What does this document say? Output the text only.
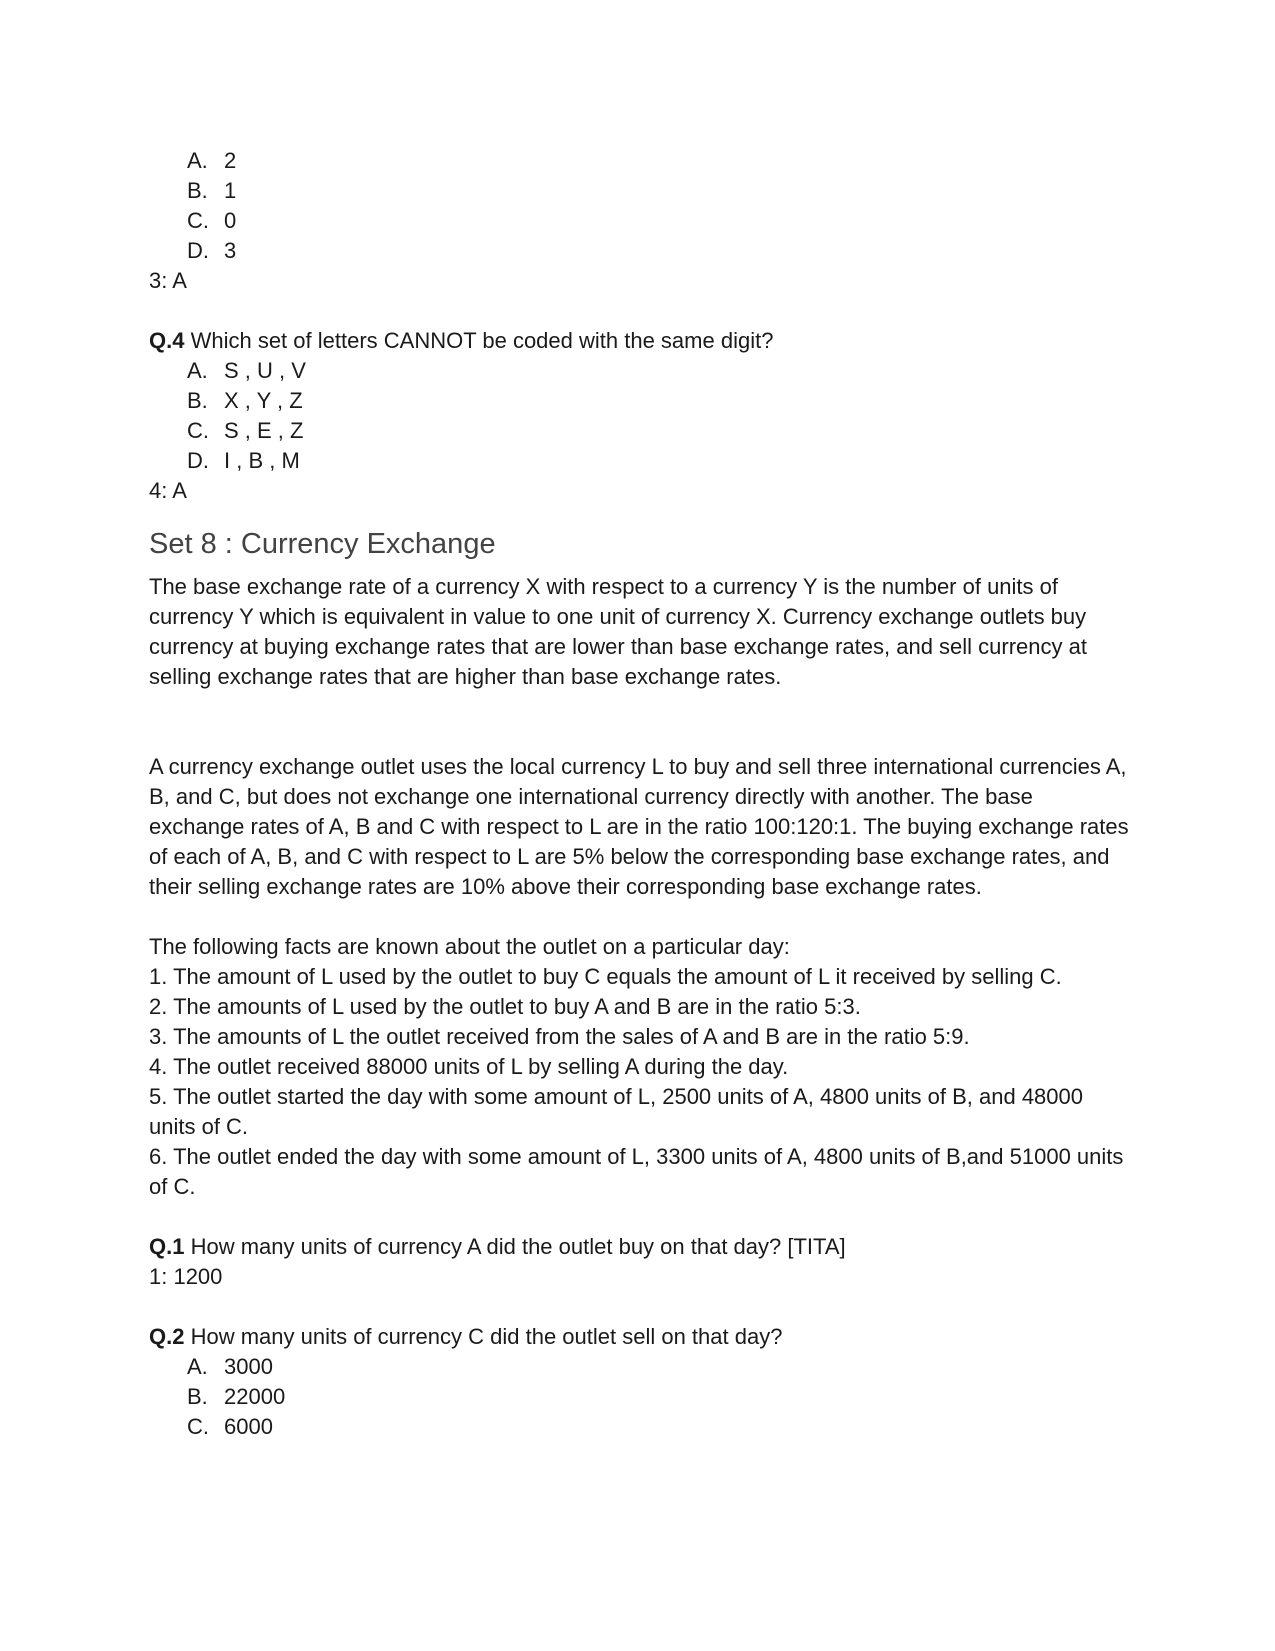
A. 2
B. 1
C. 0
D. 3
3: A
Q.4 Which set of letters CANNOT be coded with the same digit?
A. S , U , V
B. X , Y , Z
C. S , E , Z
D. I , B , M
4: A
Set 8 : Currency Exchange

The base exchange rate of a currency X with respect to a currency Y is the number of units of currency Y which is equivalent in value to one unit of currency X. Currency exchange outlets buy currency at buying exchange rates that are lower than base exchange rates, and sell currency at selling exchange rates that are higher than base exchange rates.

A currency exchange outlet uses the local currency L to buy and sell three international currencies A, B, and C, but does not exchange one international currency directly with another. The base exchange rates of A, B and C with respect to L are in the ratio 100:120:1. The buying exchange rates of each of A, B, and C with respect to L are 5% below the corresponding base exchange rates, and their selling exchange rates are 10% above their corresponding base exchange rates.

The following facts are known about the outlet on a particular day:

1. The amount of L used by the outlet to buy C equals the amount of L it received by selling C.

2. The amounts of L used by the outlet to buy A and B are in the ratio 5:3.

3. The amounts of L the outlet received from the sales of A and B are in the ratio 5:9.

4. The outlet received 88000 units of L by selling A during the day.

5. The outlet started the day with some amount of L, 2500 units of A, 4800 units of B, and 48000 units of C.

6. The outlet ended the day with some amount of L, 3300 units of A, 4800 units of B,and 51000 units of C.

Q.1 How many units of currency A did the outlet buy on that day? [TITA]
1: 1200
Q.2 How many units of currency C did the outlet sell on that day?
A. 3000
B. 22000
C. 6000
